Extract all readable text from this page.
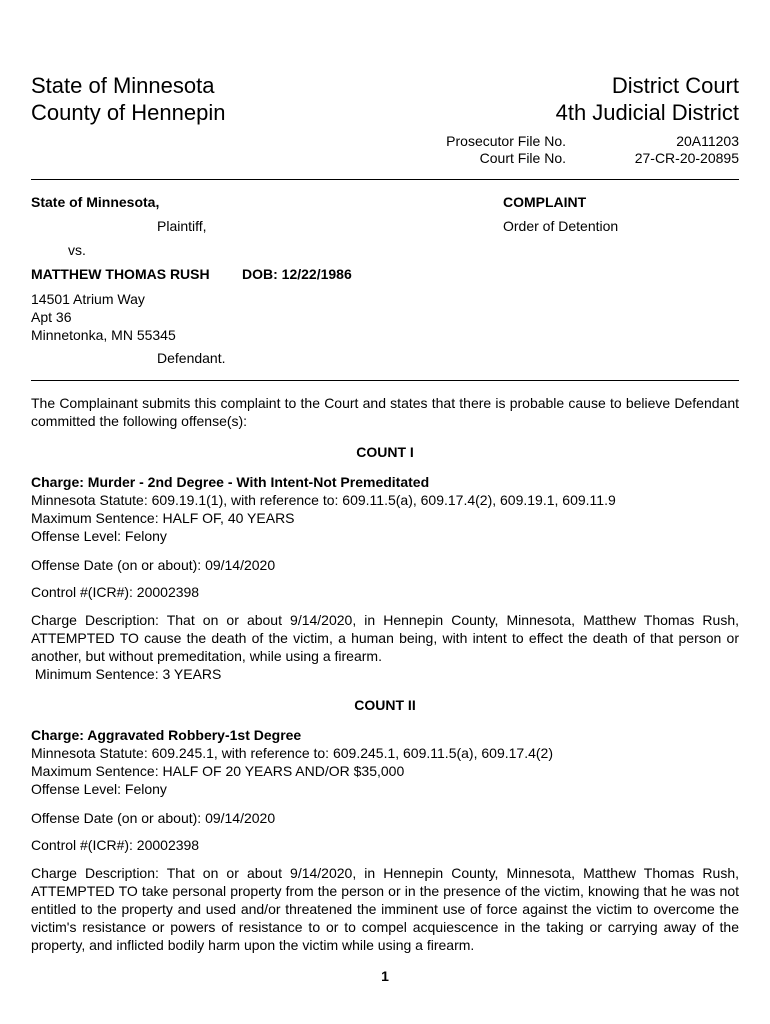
State of Minnesota
County of Hennepin
District Court
4th Judicial District
Prosecutor File No.
Court File No.
20A11203
27-CR-20-20895
State of Minnesota,	COMPLAINT
Plaintiff,	Order of Detention
vs.
MATTHEW THOMAS RUSH DOB: 12/22/1986
14501 Atrium Way
Apt 36
Minnetonka, MN 55345
Defendant.
The Complainant submits this complaint to the Court and states that there is probable cause to believe Defendant committed the following offense(s):
COUNT I
Charge: Murder - 2nd Degree - With Intent-Not Premeditated
Minnesota Statute: 609.19.1(1), with reference to: 609.11.5(a), 609.17.4(2), 609.19.1, 609.11.9
Maximum Sentence: HALF OF, 40 YEARS
Offense Level: Felony
Offense Date (on or about): 09/14/2020
Control #(ICR#): 20002398
Charge Description: That on or about 9/14/2020, in Hennepin County, Minnesota, Matthew Thomas Rush, ATTEMPTED TO cause the death of the victim, a human being, with intent to effect the death of that person or another, but without premeditation, while using a firearm.
Minimum Sentence: 3 YEARS
COUNT II
Charge: Aggravated Robbery-1st Degree
Minnesota Statute: 609.245.1, with reference to: 609.245.1, 609.11.5(a), 609.17.4(2)
Maximum Sentence: HALF OF 20 YEARS AND/OR $35,000
Offense Level: Felony
Offense Date (on or about): 09/14/2020
Control #(ICR#): 20002398
Charge Description: That on or about 9/14/2020, in Hennepin County, Minnesota, Matthew Thomas Rush, ATTEMPTED TO take personal property from the person or in the presence of the victim, knowing that he was not entitled to the property and used and/or threatened the imminent use of force against the victim to overcome the victim's resistance or powers of resistance to or to compel acquiescence in the taking or carrying away of the property, and inflicted bodily harm upon the victim while using a firearm.
1
